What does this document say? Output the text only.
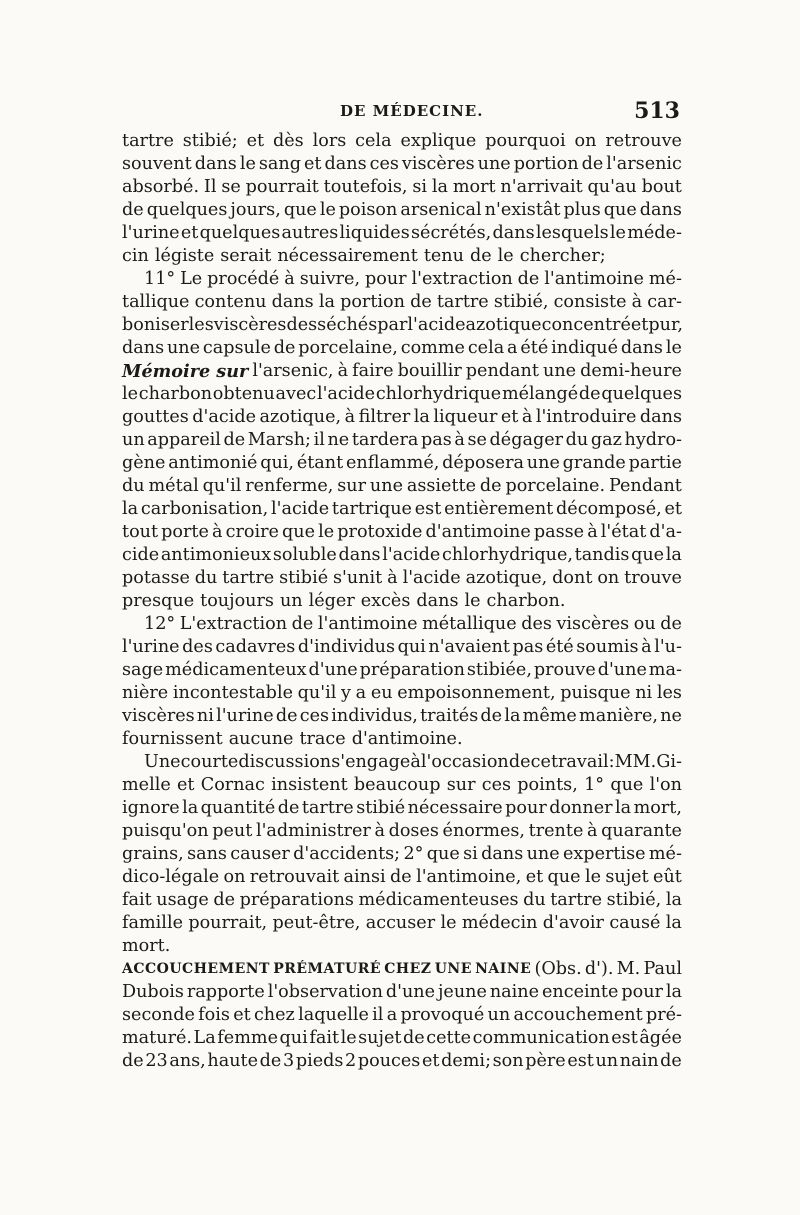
DE MÉDECINE.	513
tartre stibié; et dès lors cela explique pourquoi on retrouve
souvent dans le sang et dans ces viscères une portion de l'arsenic
absorbé. Il se pourrait toutefois, si la mort n'arrivait qu'au bout
de quelques jours, que le poison arsenical n'existât plus que dans
l'urine et quelques autres liquides sécrétés, dans lesquels le méde-
cin légiste serait nécessairement tenu de le chercher;
11° Le procédé à suivre, pour l'extraction de l'antimoine mé-
tallique contenu dans la portion de tartre stibié, consiste à car-
boniser les viscères desséchés par l'acide azotique concentré et pur,
dans une capsule de porcelaine, comme cela a été indiqué dans le
Mémoire sur l'arsenic, à faire bouillir pendant une demi-heure
le charbon obtenu avec l'acide chlorhydrique mélangé de quelques
gouttes d'acide azotique, à filtrer la liqueur et à l'introduire dans
un appareil de Marsh; il ne tardera pas à se dégager du gaz hydro-
gène antimonié qui, étant enflammé, déposera une grande partie
du métal qu'il renferme, sur une assiette de porcelaine. Pendant
la carbonisation, l'acide tartrique est entièrement décomposé, et
tout porte à croire que le protoxide d'antimoine passe à l'état d'a-
cide antimonieux soluble dans l'acide chlorhydrique, tandis que la
potasse du tartre stibié s'unit à l'acide azotique, dont on trouve
presque toujours un léger excès dans le charbon.
12° L'extraction de l'antimoine métallique des viscères ou de
l'urine des cadavres d'individus qui n'avaient pas été soumis à l'u-
sage médicamenteux d'une préparation stibiée, prouve d'une ma-
nière incontestable qu'il y a eu empoisonnement, puisque ni les
viscères ni l'urine de ces individus, traités de la même manière, ne
fournissent aucune trace d'antimoine.
Une courte discussion s'engage à l'occasion de ce travail: MM. Gi-
melle et Cornac insistent beaucoup sur ces points, 1° que l'on
ignore la quantité de tartre stibié nécessaire pour donner la mort,
puisqu'on peut l'administrer à doses énormes, trente à quarante
grains, sans causer d'accidents; 2° que si dans une expertise mé-
dico-légale on retrouvait ainsi de l'antimoine, et que le sujet eût
fait usage de préparations médicamenteuses du tartre stibié, la
famille pourrait, peut-être, accuser le médecin d'avoir causé la
mort.
ACCOUCHEMENT PRÉMATURÉ CHEZ UNE NAINE (Obs. d'). M. Paul
Dubois rapporte l'observation d'une jeune naine enceinte pour la
seconde fois et chez laquelle il a provoqué un accouchement pré-
maturé. La femme qui fait le sujet de cette communication est âgée
de 23 ans, haute de 3 pieds 2 pouces et demi; son père est un nain de
